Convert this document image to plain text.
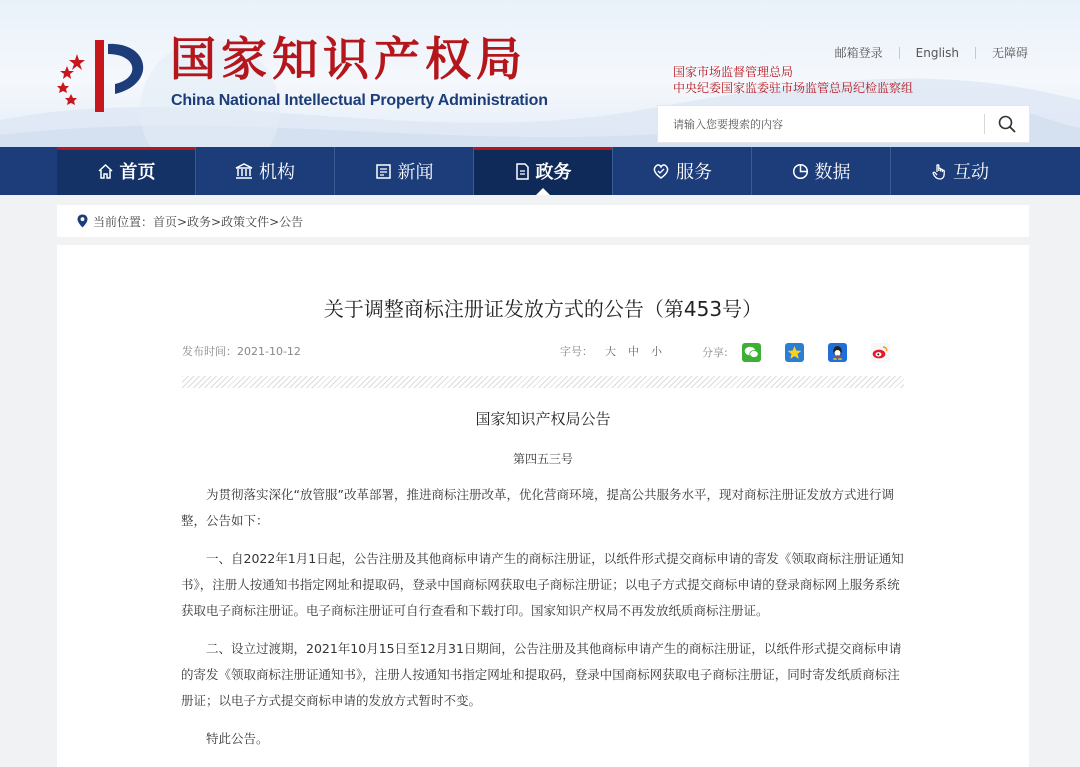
国家知识产权局
China National Intellectual Property Administration
邮箱登录	English	无障碍
国家市场监督管理总局
中央纪委国家监委驻市场监管总局纪检监察组
请输入您要搜索的内容
首页	机构	新闻	政务	服务	数据	互动
当前位置：首页>政务>政策文件>公告
关于调整商标注册证发放方式的公告（第453号）
发布时间：2021-10-12	字号： 大 中 小	分享:
国家知识产权局公告
第四五三号

为贯彻落实深化“放管服”改革部署，推进商标注册改革，优化营商环境，提高公共服务水平，现对商标注册证发放方式进行调整，公告如下：

一、自2022年1月1日起，公告注册及其他商标申请产生的商标注册证，以纸件形式提交商标申请的寄发《领取商标注册证通知书》，注册人按通知书指定网址和提取码，登录中国商标网获取电子商标注册证；以电子方式提交商标申请的登录商标网上服务系统获取电子商标注册证。电子商标注册证可自行查看和下载打印。国家知识产权局不再发放纸质商标注册证。

二、设立过渡期，2021年10月15日至12月31日期间，公告注册及其他商标申请产生的商标注册证，以纸件形式提交商标申请的寄发《领取商标注册证通知书》，注册人按通知书指定网址和提取码，登录中国商标网获取电子商标注册证，同时寄发纸质商标注册证；以电子方式提交商标申请的发放方式暂时不变。

特此公告。
